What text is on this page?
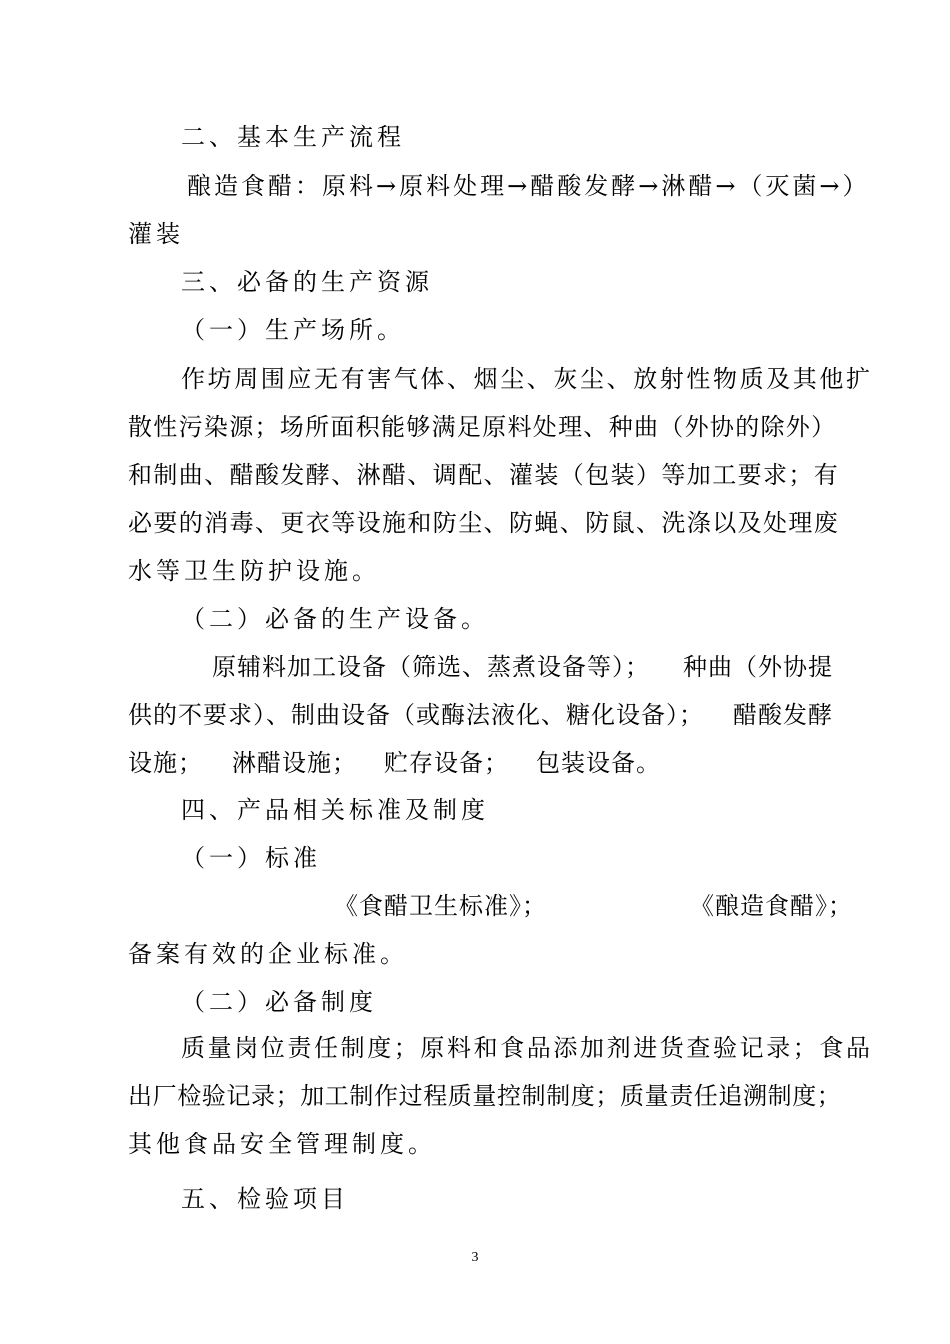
二、基本生产流程
酿造食醋：原料→原料处理→醋酸发酵→淋醋→（灭菌→）
灌装
三、必备的生产资源
（一）生产场所。
作坊周围应无有害气体、烟尘、灰尘、放射性物质及其他扩
散性污染源；场所面积能够满足原料处理、种曲（外协的除外）
和制曲、醋酸发酵、淋醋、调配、灌装（包装）等加工要求；有
必要的消毒、更衣等设施和防尘、防蝇、防鼠、洗涤以及处理废
水等卫生防护设施。
（二）必备的生产设备。
原辅料加工设备（筛选、蒸煮设备等）； 种曲（外协提
供的不要求）、制曲设备（或酶法液化、糖化设备）； 醋酸发酵
设施； 淋醋设施； 贮存设备； 包装设备。
四、产品相关标准及制度
（一）标准
《食醋卫生标准》；	《酿造食醋》；
备案有效的企业标准。
（二）必备制度
质量岗位责任制度；原料和食品添加剂进货查验记录；食品
出厂检验记录；加工制作过程质量控制制度；质量责任追溯制度；
其他食品安全管理制度。
五、检验项目
3
